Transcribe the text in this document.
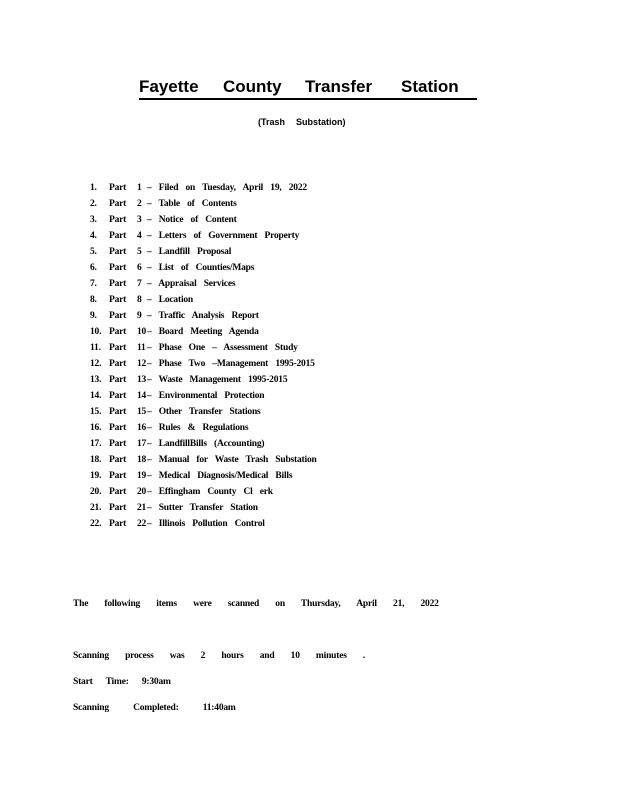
Fayette County Transfer Station
(Trash Substation)
1. Part 1 – Filed on Tuesday, April 19, 2022
2. Part 2 – Table of Contents
3. Part 3 – Notice of Content
4. Part 4 – Letters of Government Property
5. Part 5 – Landfill Proposal
6. Part 6 – List of Counties/Maps
7. Part 7 – Appraisal Services
8. Part 8 – Location
9. Part 9 – Traffic Analysis Report
10. Part 10 – Board Meeting Agenda
11. Part 11 – Phase One – Assessment Study
12. Part 12 – Phase Two –Management 1995-2015
13. Part 13 – Waste Management 1995-2015
14. Part 14 – Environmental Protection
15. Part 15 – Other Transfer Stations
16. Part 16 – Rules & Regulations
17. Part 17 – LandfillBills (Accounting)
18. Part 18 – Manual for Waste Trash Substation
19. Part 19 – Medical Diagnosis/Medical Bills
20. Part 20 – Effingham County Cl erk
21. Part 21 – Sutter Transfer Station
22. Part 22 – Illinois Pollution Control
The following items were scanned on Thursday, April 21, 2022
Scanning process was 2 hours and 10 minutes .
Start Time: 9:30am
Scanning Completed: 11:40am
